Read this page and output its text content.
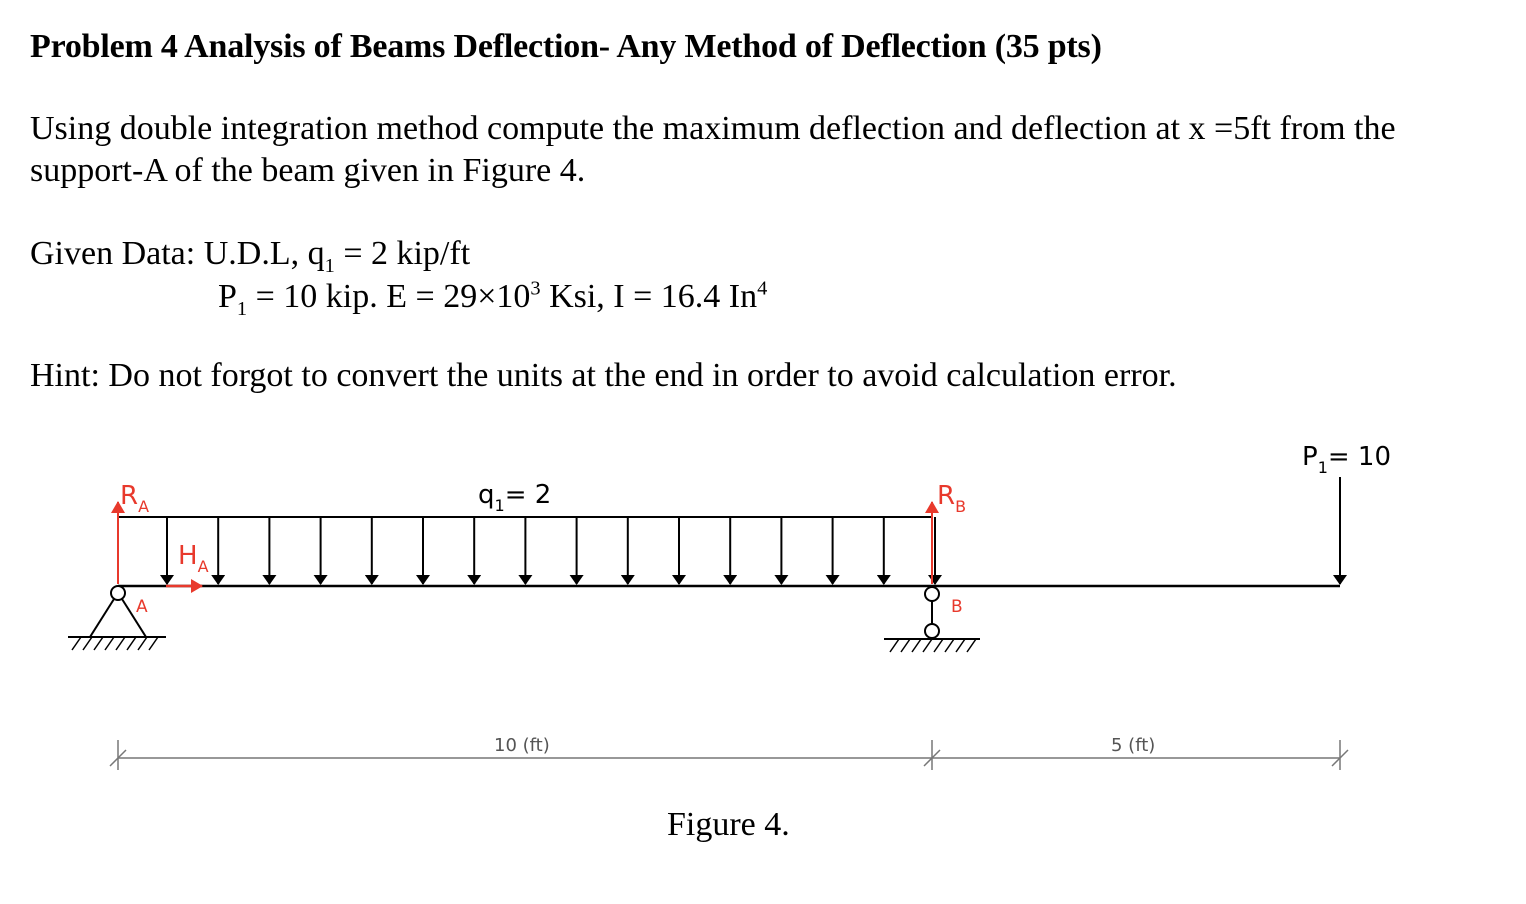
Problem 4 Analysis of Beams Deflection- Any Method of Deflection (35 pts)
Using double integration method compute the maximum deflection and deflection at x =5ft from the support-A of the beam given in Figure 4.
Given Data: U.D.L, $q_1 = 2$ kip/ft
$P_1 = 10$ kip. $E = 29\times 10^3$ Ksi, I = 16.4 In$^4$
Hint: Do not forgot to convert the units at the end in order to avoid calculation error.
$P_1= 10$
$q_1= 2$
$R_A$
$H_A$
$R_B$
A	B
10 (ft)	5 (ft)
Figure 4.
